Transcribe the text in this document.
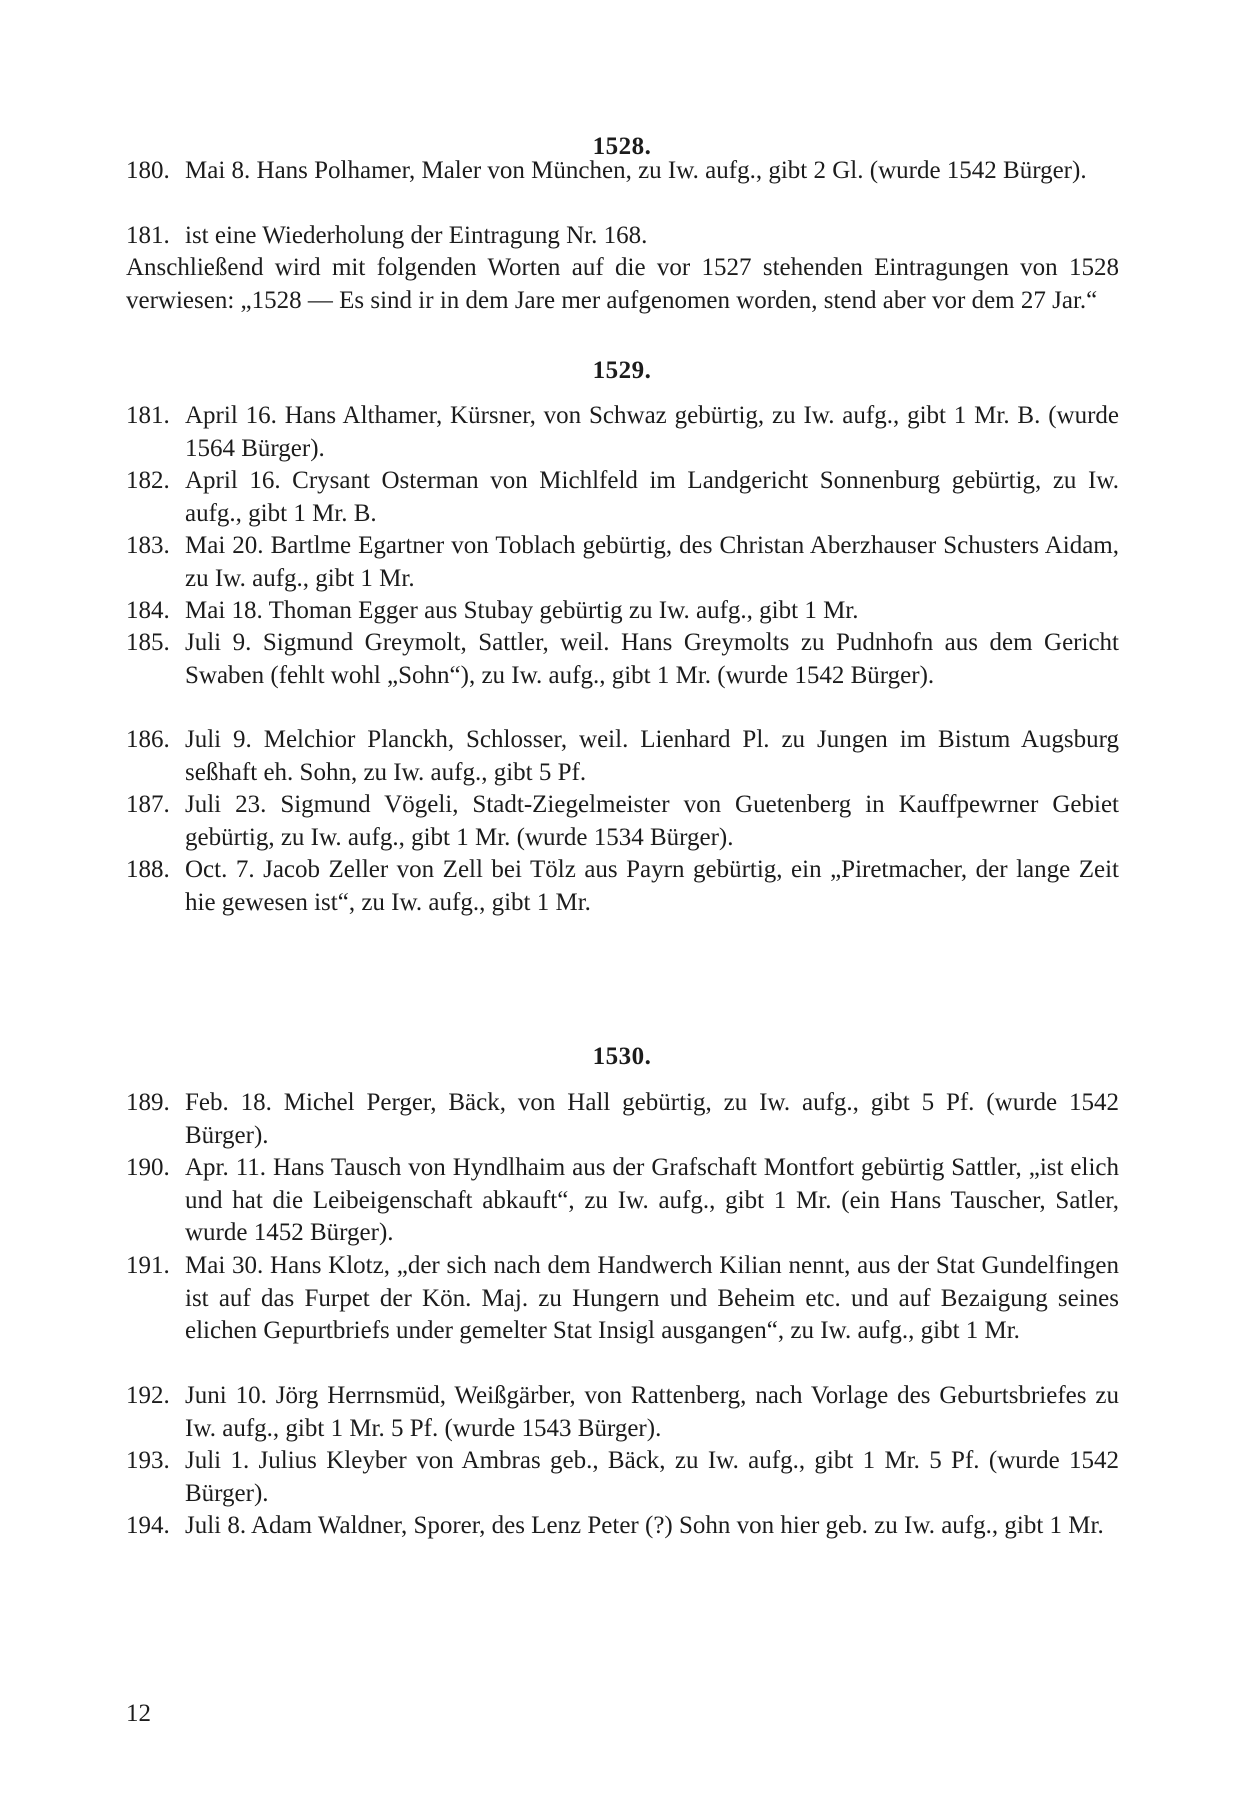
1528.
180. Mai 8. Hans Polhamer, Maler von München, zu Iw. aufg., gibt 2 Gl. (wurde 1542 Bürger).
181. ist eine Wiederholung der Eintragung Nr. 168.
Anschließend wird mit folgenden Worten auf die vor 1527 stehenden Eintragungen von 1528 verwiesen: „1528 — Es sind ir in dem Jare mer aufgenomen worden, stend aber vor dem 27 Jar.“
1529.
181. April 16. Hans Althamer, Kürsner, von Schwaz gebürtig, zu Iw. aufg., gibt 1 Mr. B. (wurde 1564 Bürger).
182. April 16. Crysant Osterman von Michlfeld im Landgericht Sonnenburg gebürtig, zu Iw. aufg., gibt 1 Mr. B.
183. Mai 20. Bartlme Egartner von Toblach gebürtig, des Christan Aberzhauser Schusters Aidam, zu Iw. aufg., gibt 1 Mr.
184. Mai 18. Thoman Egger aus Stubay gebürtig zu Iw. aufg., gibt 1 Mr.
185. Juli 9. Sigmund Greymolt, Sattler, weil. Hans Greymolts zu Pudnhofn aus dem Gericht Swaben (fehlt wohl „Sohn“), zu Iw. aufg., gibt 1 Mr. (wurde 1542 Bürger).
186. Juli 9. Melchior Planckh, Schlosser, weil. Lienhard Pl. zu Jungen im Bistum Augsburg seßhaft eh. Sohn, zu Iw. aufg., gibt 5 Pf.
187. Juli 23. Sigmund Vögeli, Stadt-Ziegelmeister von Guetenberg in Kauffpewrner Gebiet gebürtig, zu Iw. aufg., gibt 1 Mr. (wurde 1534 Bürger).
188. Oct. 7. Jacob Zeller von Zell bei Tölz aus Payrn gebürtig, ein „Piretmacher, der lange Zeit hie gewesen ist“, zu Iw. aufg., gibt 1 Mr.
1530.
189. Feb. 18. Michel Perger, Bäck, von Hall gebürtig, zu Iw. aufg., gibt 5 Pf. (wurde 1542 Bürger).
190. Apr. 11. Hans Tausch von Hyndlhaim aus der Grafschaft Montfort gebürtig Sattler, „ist elich und hat die Leibeigenschaft abkauft“, zu Iw. aufg., gibt 1 Mr. (ein Hans Tauscher, Satler, wurde 1452 Bürger).
191. Mai 30. Hans Klotz, „der sich nach dem Handwerch Kilian nennt, aus der Stat Gundelfingen ist auf das Furpet der Kön. Maj. zu Hungern und Beheim etc. und auf Bezaigung seines elichen Gepurtbriefs under gemelter Stat Insigl ausgangen“, zu Iw. aufg., gibt 1 Mr.
192. Juni 10. Jörg Herrnsmüd, Weißgärber, von Rattenberg, nach Vorlage des Geburtsbriefes zu Iw. aufg., gibt 1 Mr. 5 Pf. (wurde 1543 Bürger).
193. Juli 1. Julius Kleyber von Ambras geb., Bäck, zu Iw. aufg., gibt 1 Mr. 5 Pf. (wurde 1542 Bürger).
194. Juli 8. Adam Waldner, Sporer, des Lenz Peter (?) Sohn von hier geb. zu Iw. aufg., gibt 1 Mr.
12
